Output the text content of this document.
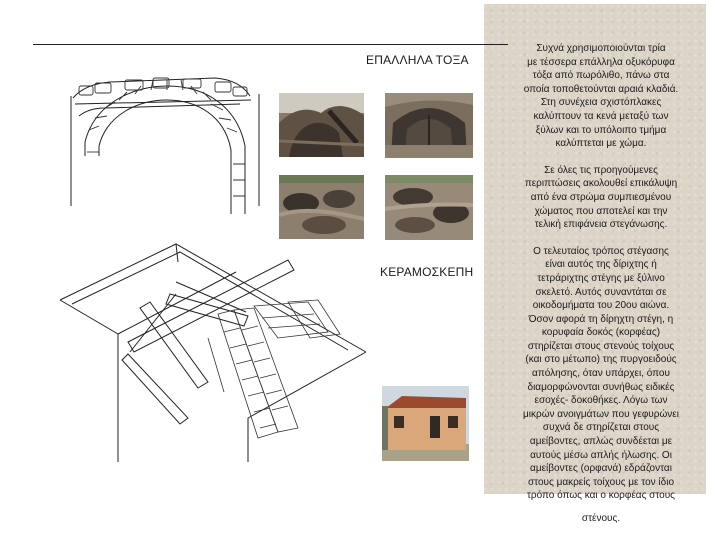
ΕΠΑΛΛΗΛΑ ΤΟΞΑ
ΚΕΡΑΜΟΣΚΕΠΗ

Συχνά χρησιμοποιούνται τρία
με τέσσερα επάλληλα οξυκόρυφα
τόξα από πωρόλιθο, πάνω στα
οποία τοποθετούνται αραιά κλαδιά.
Στη συνέχεια σχιστόπλακες
καλύπτουν τα κενά μεταξύ των
ξύλων και το υπόλοιπο τμήμα
καλύπτεται με χώμα.

Σε όλες τις προηγούμενες
περιπτώσεις ακολουθεί επικάλυψη
από ένα στρώμα συμπιεσμένου
χώματος που αποτελεί και την
τελική επιφάνεια στεγάνωσης.

Ο τελευταίος τρόπος στέγασης
είναι αυτός της δίριχτης ή
τετράριχτης στέγης με ξύλινο
σκελετό. Αυτός συναντάται σε
οικοδομήματα του 20ου αιώνα.
Όσον αφορά τη δίρηχτη στέγη, η
κορυφαία δοκός (κορφέας)
στηρίζεται στους στενούς τοίχους
(και στο μέτωπο) της πυργοειδούς
απόλησης, όταν υπάρχει, όπου
διαμορφώνονται συνήθως ειδικές
εσοχές- δοκοθήκες. Λόγω των
μικρών ανοιγμάτων που γεφυρώνει
συχνά δε στηρίζεται στους
αμείβοντες, απλώς συνδέεται με
αυτούς μέσω απλής ήλωσης. Οι
αμείβοντες (ορφανά) εδράζονται
στους μακρείς τοίχους με τον ίδιο
τρόπο όπως και ο κορφέας στους

στένους.
